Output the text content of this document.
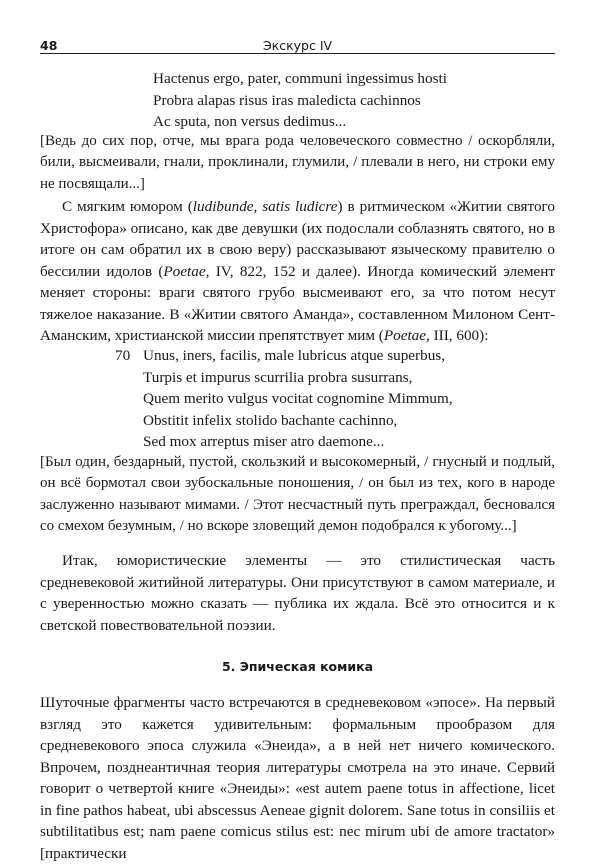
48	Экскурс IV
Hactenus ergo, pater, communi ingessimus hosti
Probra alapas risus iras maledicta cachinnos
Ac sputa, non versus dedimus...

[Ведь до сих пор, отче, мы врага рода человеческого совместно / оскорбляли, били, высмеивали, гнали, проклинали, глумили, / плевали в него, ни строки ему не посвящали...]

С мягким юмором (ludibunde, satis ludicre) в ритмическом «Житии святого Христофора» описано, как две девушки (их подослали соблазнять святого, но в итоге он сам обратил их в свою веру) рассказывают языческому правителю о бессилии идолов (Poetae, IV, 822, 152 и далее). Иногда комический элемент меняет стороны: враги святого грубо высмеивают его, за что потом несут тяжелое наказание. В «Житии святого Аманда», составленном Милоном Сент-Аманским, христианской миссии препятствует мим (Poetae, III, 600):

70 Unus, iners, facilis, male lubricus atque superbus,
Turpis et impurus scurrilia probra susurrans,
Quem merito vulgus vocitat cognomine Mimmum,
Obstitit infelix stolido bachante cachinno,
Sed mox arreptus miser atro daemone...

[Был один, бездарный, пустой, скользкий и высокомерный, / гнусный и подлый, он всё бормотал свои зубоскальные поношения, / он был из тех, кого в народе заслуженно называют мимами. / Этот несчастный путь преграждал, бесновался со смехом безумным, / но вскоре зловещий демон подобрался к убогому...]

Итак, юмористические элементы — это стилистическая часть средневековой житийной литературы. Они присутствуют в самом материале, и с уверенностью можно сказать — публика их ждала. Всё это относится и к светской повествовательной поэзии.

5. Эпическая комика

Шуточные фрагменты часто встречаются в средневековом «эпосе». На первый взгляд это кажется удивительным: формальным прообразом для средневекового эпоса служила «Энеида», а в ней нет ничего комического. Впрочем, позднеантичная теория литературы смотрела на это иначе. Сервий говорит о четвертой книге «Энеиды»: «est autem paene totus in affectione, licet in fine pathos habeat, ubi abscessus Aeneae gignit dolorem. Sane totus in consiliis et subtilitatibus est; nam paene comicus stilus est: nec mirum ubi de amore tractator» [практически
